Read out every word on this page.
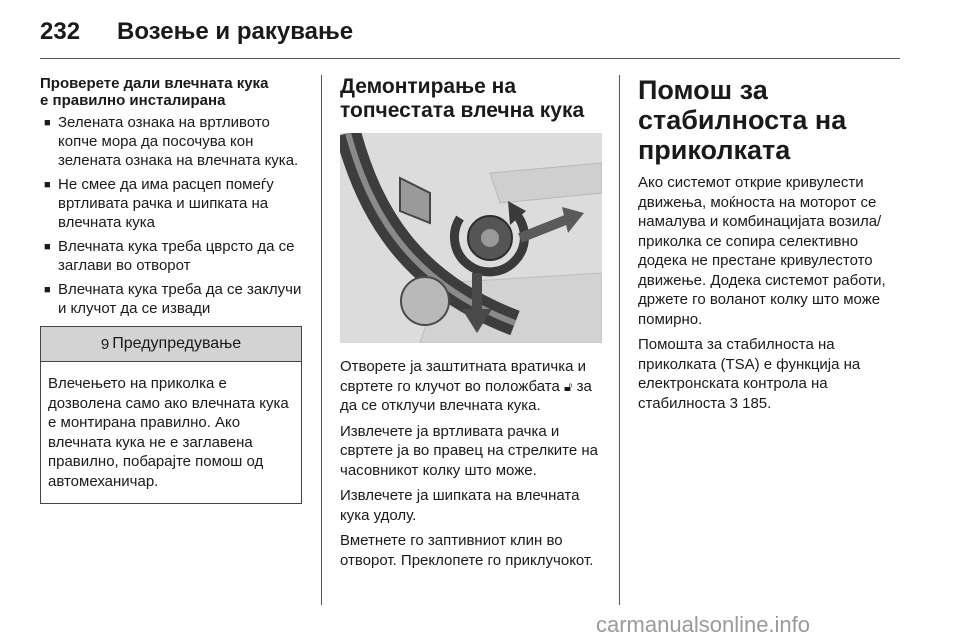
232 Возење и ракување
Проверете дали влечната кука
е правилно инсталирана
■ Зелената ознака на вртливото копче мора да посочува кон зелената ознака на влечната кука.
■ Не смее да има расцеп помеѓу вртливата рачка и шипката на влечната кука
■ Влечната кука треба цврсто да се заглави во отворот
■ Влечната кука треба да се заклучи и клучот да се извади
9 Предупредување
Влечењето на приколка е дозволена само ако влечната кука е монтирана правилно. Ако влечната кука не е заглавена правилно, побарајте помош од автомеханичар.
Демонтирање на топчестата влечна кука

Отворете ја заштитната вратичка и свртете го клучот во положбата 🔓︎ за да се отклучи влечната кука.

Извлечете ја вртливата рачка и свртете ја во правец на стрелките на часовникот колку што може.

Извлечете ја шипката на влечната кука удолу.

Вметнете го заптивниот клин во отворот. Преклопете го приклучокот.

Помош за стабилноста на приколката

Ако системот открие кривулести движења, моќноста на моторот се намалува и комбинацијата возила/приколка се сопира селективно додека не престане кривулестото движење. Додека системот работи, држете го воланот колку што може помирно.

Помошта за стабилноста на приколката (TSA) е функција на електронската контрола на стабилноста 3 185.

carmanualsonline.info
